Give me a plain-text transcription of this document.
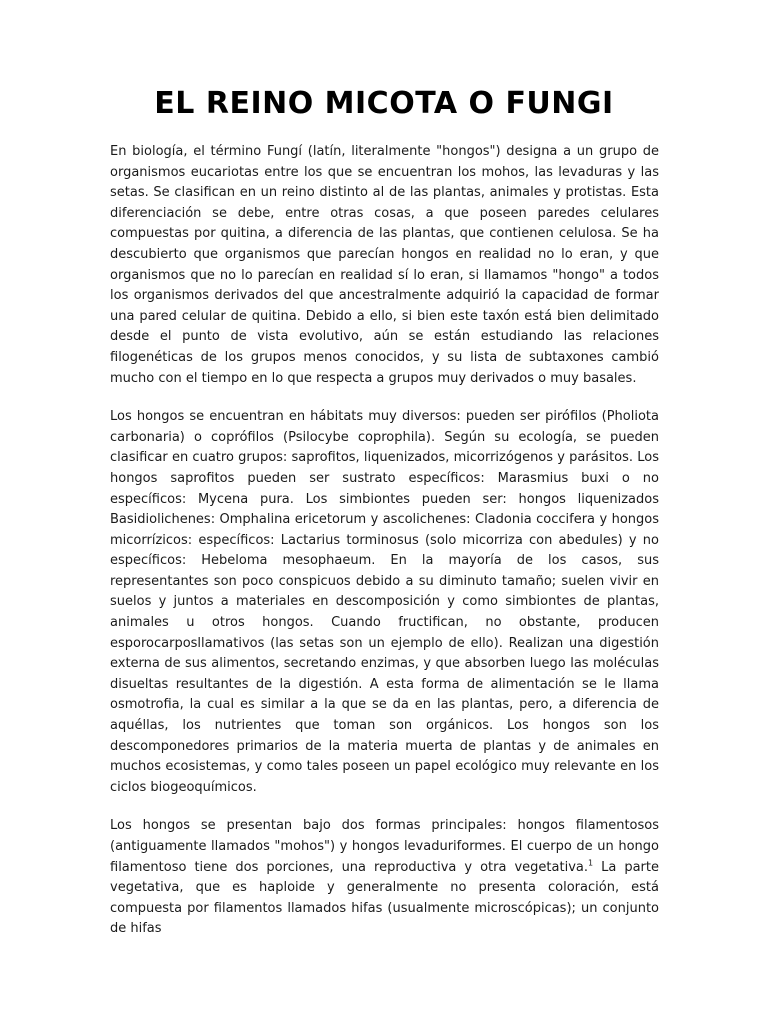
EL REINO MICOTA O FUNGI

En biología, el término Fungí (latín, literalmente "hongos") designa a un grupo de organismos eucariotas entre los que se encuentran los mohos, las levaduras y las setas. Se clasifican en un reino distinto al de las plantas, animales y protistas. Esta diferenciación se debe, entre otras cosas, a que poseen paredes celulares compuestas por quitina, a diferencia de las plantas, que contienen celulosa. Se ha descubierto que organismos que parecían hongos en realidad no lo eran, y que organismos que no lo parecían en realidad sí lo eran, si llamamos "hongo" a todos los organismos derivados del que ancestralmente adquirió la capacidad de formar una pared celular de quitina. Debido a ello, si bien este taxón está bien delimitado desde el punto de vista evolutivo, aún se están estudiando las relaciones filogenéticas de los grupos menos conocidos, y su lista de subtaxones cambió mucho con el tiempo en lo que respecta a grupos muy derivados o muy basales.

Los hongos se encuentran en hábitats muy diversos: pueden ser pirófilos (Pholiota carbonaria) o coprófilos (Psilocybe coprophila). Según su ecología, se pueden clasificar en cuatro grupos: saprofitos, liquenizados, micorrizógenos y parásitos. Los hongos saprofitos pueden ser sustrato específicos: Marasmius buxi o no específicos: Mycena pura. Los simbiontes pueden ser: hongos liquenizados Basidiolichenes: Omphalina ericetorum y ascolichenes: Cladonia coccifera y hongos micorrízicos: específicos: Lactarius torminosus (solo micorriza con abedules) y no específicos: Hebeloma mesophaeum. En la mayoría de los casos, sus representantes son poco conspicuos debido a su diminuto tamaño; suelen vivir en suelos y juntos a materiales en descomposición y como simbiontes de plantas, animales u otros hongos. Cuando fructifican, no obstante, producen esporocarposllamativos (las setas son un ejemplo de ello). Realizan una digestión externa de sus alimentos, secretando enzimas, y que absorben luego las moléculas disueltas resultantes de la digestión. A esta forma de alimentación se le llama osmotrofia, la cual es similar a la que se da en las plantas, pero, a diferencia de aquéllas, los nutrientes que toman son orgánicos. Los hongos son los descomponedores primarios de la materia muerta de plantas y de animales en muchos ecosistemas, y como tales poseen un papel ecológico muy relevante en los ciclos biogeoquímicos.

Los hongos se presentan bajo dos formas principales: hongos filamentosos (antiguamente llamados "mohos") y hongos levaduriformes. El cuerpo de un hongo filamentoso tiene dos porciones, una reproductiva y otra vegetativa.$^1$ La parte vegetativa, que es haploide y generalmente no presenta coloración, está compuesta por filamentos llamados hifas (usualmente microscópicas); un conjunto de hifas
